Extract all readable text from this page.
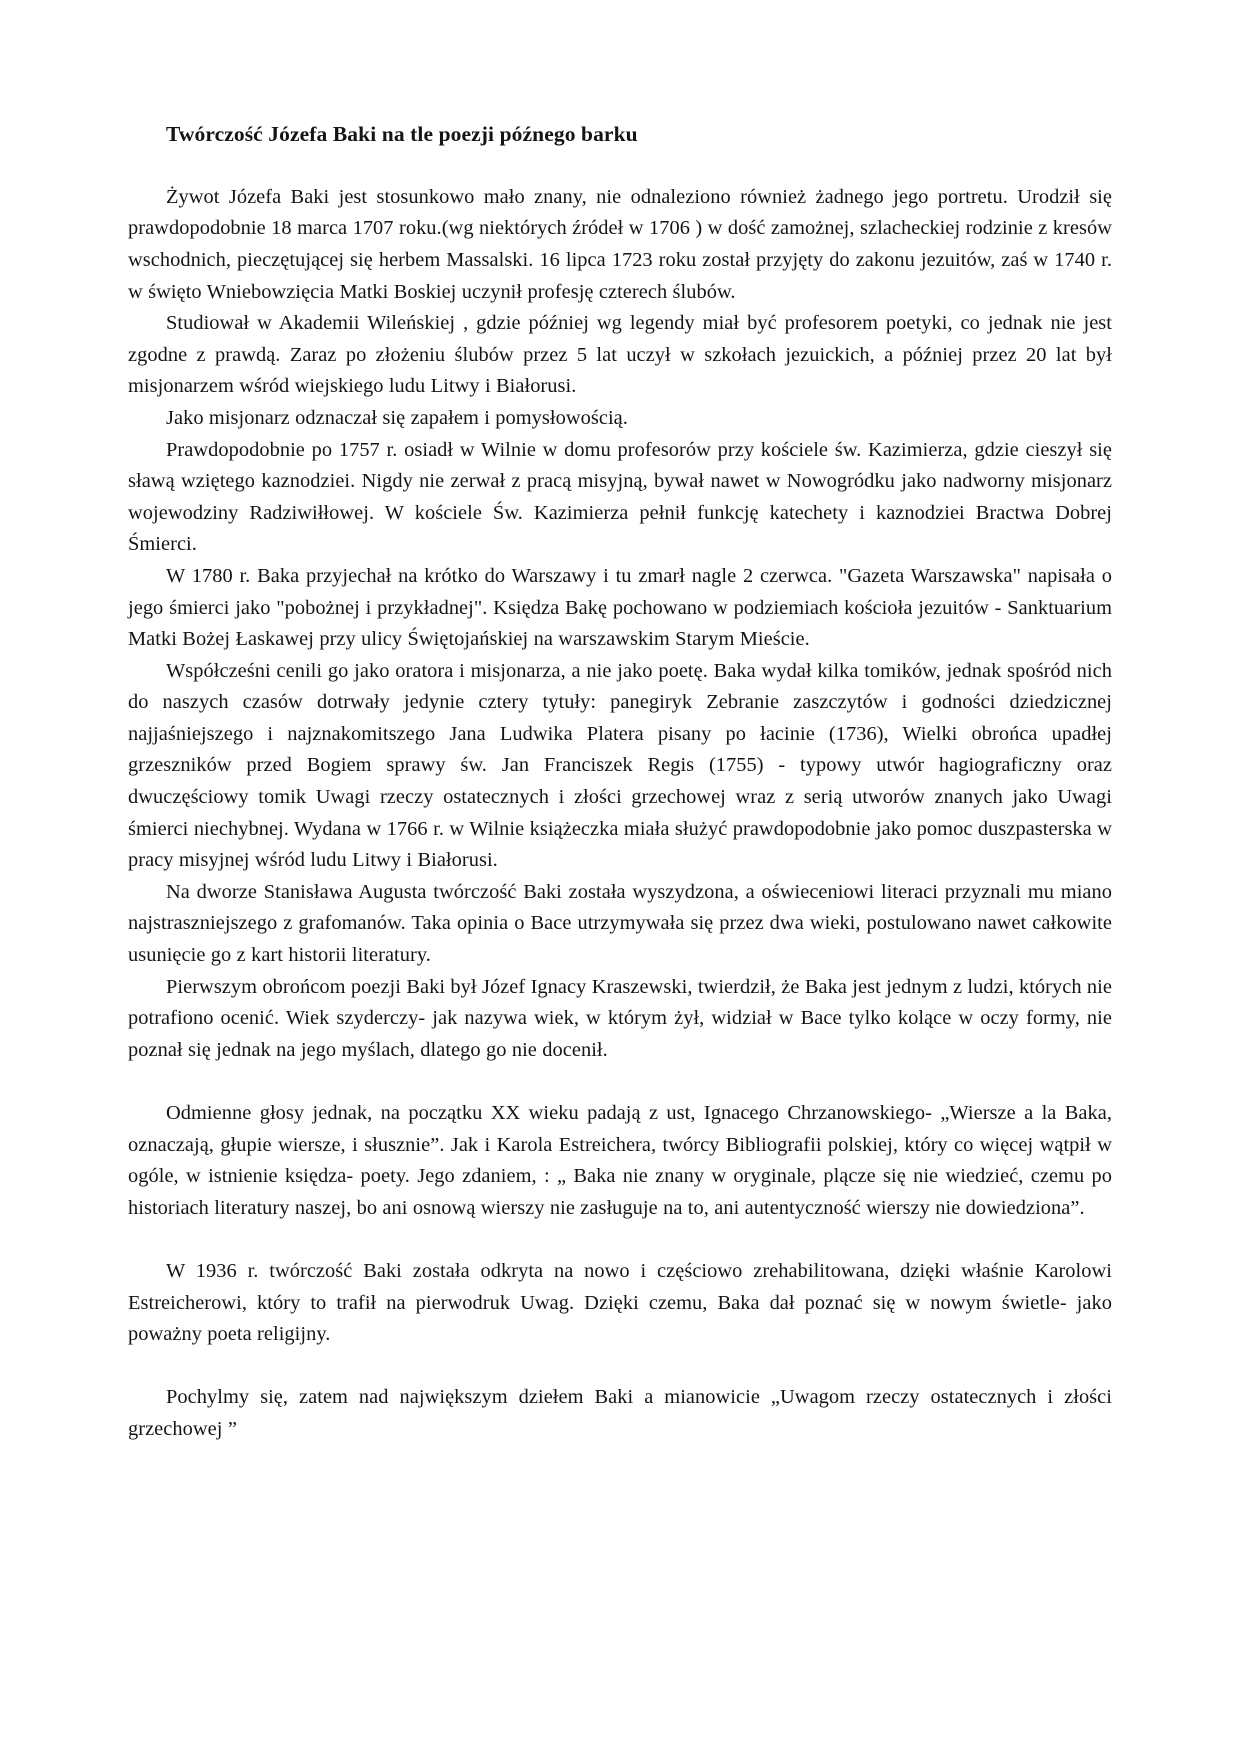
Twórczość Józefa Baki na tle poezji późnego barku

Żywot Józefa Baki jest stosunkowo mało znany, nie odnaleziono również żadnego jego portretu. Urodził się prawdopodobnie 18 marca 1707 roku.(wg niektórych źródeł w 1706 ) w dość zamożnej, szlacheckiej rodzinie z kresów wschodnich, pieczętującej się herbem Massalski. 16 lipca 1723 roku został przyjęty do zakonu jezuitów, zaś w 1740 r. w święto Wniebowzięcia Matki Boskiej uczynił profesję czterech ślubów.

Studiował w Akademii Wileńskiej , gdzie później wg legendy miał być profesorem poetyki, co jednak nie jest zgodne z prawdą. Zaraz po złożeniu ślubów przez 5 lat uczył w szkołach jezuickich, a później przez 20 lat był misjonarzem wśród wiejskiego ludu Litwy i Białorusi.

Jako misjonarz odznaczał się zapałem i pomysłowością.

Prawdopodobnie po 1757 r. osiadł w Wilnie w domu profesorów przy kościele św. Kazimierza, gdzie cieszył się sławą wziętego kaznodziei. Nigdy nie zerwał z pracą misyjną, bywał nawet w Nowogródku jako nadworny misjonarz wojewodziny Radziwiłłowej. W kościele Św. Kazimierza pełnił funkcję katechety i kaznodziei Bractwa Dobrej Śmierci.

W 1780 r. Baka przyjechał na krótko do Warszawy i tu zmarł nagle 2 czerwca. "Gazeta Warszawska" napisała o jego śmierci jako "pobożnej i przykładnej". Księdza Bakę pochowano w podziemiach kościoła jezuitów - Sanktuarium Matki Bożej Łaskawej przy ulicy Świętojańskiej na warszawskim Starym Mieście.

Współcześni cenili go jako oratora i misjonarza, a nie jako poetę. Baka wydał kilka tomików, jednak spośród nich do naszych czasów dotrwały jedynie cztery tytuły: panegiryk Zebranie zaszczytów i godności dziedzicznej najjaśniejszego i najznakomitszego Jana Ludwika Platera pisany po łacinie (1736), Wielki obrońca upadłej grzeszników przed Bogiem sprawy św. Jan Franciszek Regis (1755) - typowy utwór hagiograficzny oraz dwuczęściowy tomik Uwagi rzeczy ostatecznych i złości grzechowej wraz z serią utworów znanych jako Uwagi śmierci niechybnej. Wydana w 1766 r. w Wilnie książeczka miała służyć prawdopodobnie jako pomoc duszpasterska w pracy misyjnej wśród ludu Litwy i Białorusi.

Na dworze Stanisława Augusta twórczość Baki została wyszydzona, a oświeceniowi literaci przyznali mu miano najstraszniejszego z grafomanów. Taka opinia o Bace utrzymywała się przez dwa wieki, postulowano nawet całkowite usunięcie go z kart historii literatury.

Pierwszym obrońcom poezji Baki był Józef Ignacy Kraszewski, twierdził, że Baka jest jednym z ludzi, których nie potrafiono ocenić. Wiek szyderczy- jak nazywa wiek, w którym żył, widział w Bace tylko kolące w oczy formy, nie poznał się jednak na jego myślach, dlatego go nie docenił.

Odmienne głosy jednak, na początku XX wieku padają z ust, Ignacego Chrzanowskiego- „Wiersze a la Baka, oznaczają, głupie wiersze, i słusznie”. Jak i Karola Estreichera, twórcy Bibliografii polskiej, który co więcej wątpił w ogóle, w istnienie księdza- poety. Jego zdaniem, : „ Baka nie znany w oryginale, plącze się nie wiedzieć, czemu po historiach literatury naszej, bo ani osnową wierszy nie zasługuje na to, ani autentyczność wierszy nie dowiedziona”.

W 1936 r. twórczość Baki została odkryta na nowo i częściowo zrehabilitowana, dzięki właśnie Karolowi Estreicherowi, który to trafił na pierwodruk Uwag. Dzięki czemu, Baka dał poznać się w nowym świetle- jako poważny poeta religijny.

Pochylmy się, zatem nad największym dziełem Baki a mianowicie „Uwagom rzeczy ostatecznych i złości grzechowej ”
